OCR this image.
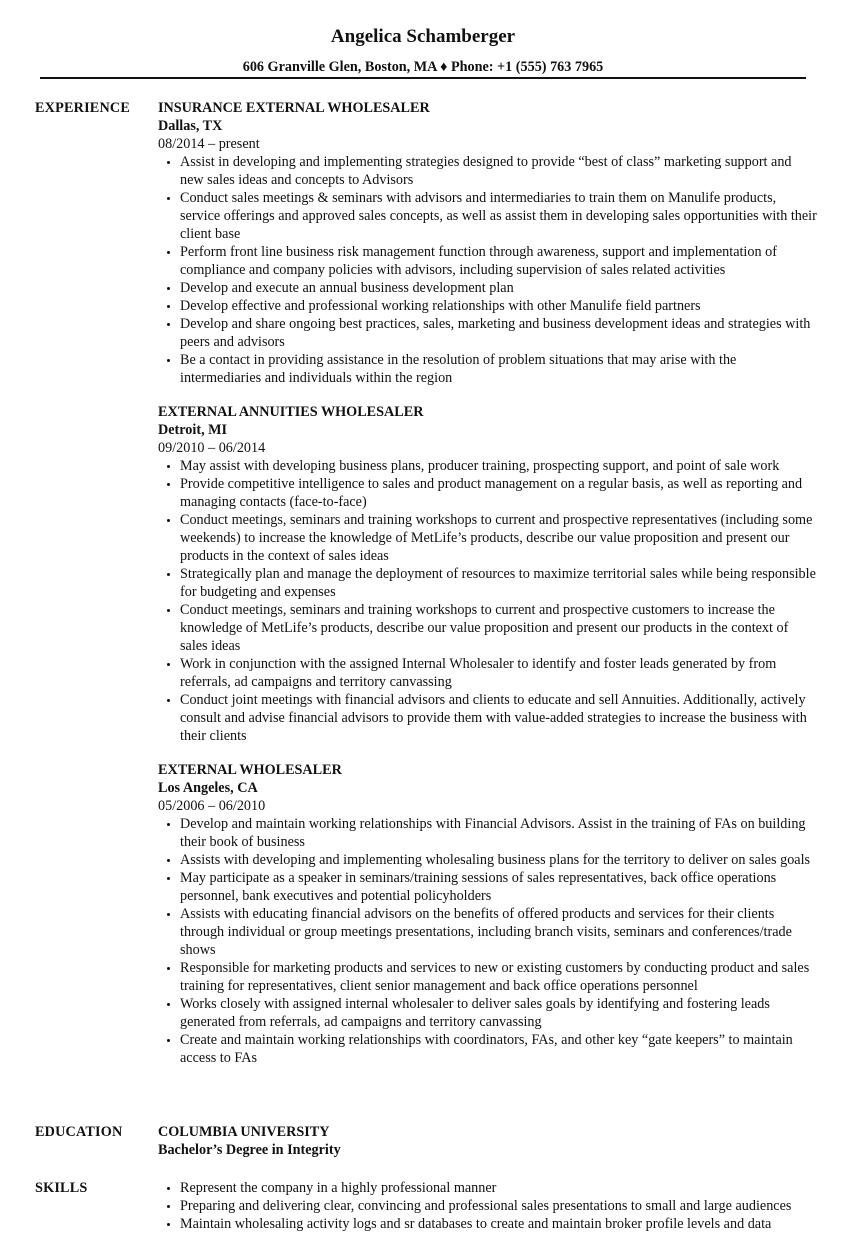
Angelica Schamberger
606 Granville Glen, Boston, MA ♦ Phone: +1 (555) 763 7965
EXPERIENCE INSURANCE EXTERNAL WHOLESALER
Dallas, TX
08/2014 – present
• Assist in developing and implementing strategies designed to provide “best of class” marketing support and new sales ideas and concepts to Advisors
• Conduct sales meetings & seminars with advisors and intermediaries to train them on Manulife products, service offerings and approved sales concepts, as well as assist them in developing sales opportunities with their client base
• Perform front line business risk management function through awareness, support and implementation of compliance and company policies with advisors, including supervision of sales related activities
• Develop and execute an annual business development plan
• Develop effective and professional working relationships with other Manulife field partners
• Develop and share ongoing best practices, sales, marketing and business development ideas and strategies with peers and advisors
• Be a contact in providing assistance in the resolution of problem situations that may arise with the intermediaries and individuals within the region
EXTERNAL ANNUITIES WHOLESALER
Detroit, MI
09/2010 – 06/2014
• May assist with developing business plans, producer training, prospecting support, and point of sale work
• Provide competitive intelligence to sales and product management on a regular basis, as well as reporting and managing contacts (face-to-face)
• Conduct meetings, seminars and training workshops to current and prospective representatives (including some weekends) to increase the knowledge of MetLife’s products, describe our value proposition and present our products in the context of sales ideas
• Strategically plan and manage the deployment of resources to maximize territorial sales while being responsible for budgeting and expenses
• Conduct meetings, seminars and training workshops to current and prospective customers to increase the knowledge of MetLife’s products, describe our value proposition and present our products in the context of sales ideas
• Work in conjunction with the assigned Internal Wholesaler to identify and foster leads generated by from referrals, ad campaigns and territory canvassing
• Conduct joint meetings with financial advisors and clients to educate and sell Annuities. Additionally, actively consult and advise financial advisors to provide them with value-added strategies to increase the business with their clients
EXTERNAL WHOLESALER
Los Angeles, CA
05/2006 – 06/2010
• Develop and maintain working relationships with Financial Advisors. Assist in the training of FAs on building their book of business
• Assists with developing and implementing wholesaling business plans for the territory to deliver on sales goals
• May participate as a speaker in seminars/training sessions of sales representatives, back office operations personnel, bank executives and potential policyholders
• Assists with educating financial advisors on the benefits of offered products and services for their clients through individual or group meetings presentations, including branch visits, seminars and conferences/trade shows
• Responsible for marketing products and services to new or existing customers by conducting product and sales training for representatives, client senior management and back office operations personnel
• Works closely with assigned internal wholesaler to deliver sales goals by identifying and fostering leads generated from referrals, ad campaigns and territory canvassing
• Create and maintain working relationships with coordinators, FAs, and other key “gate keepers” to maintain access to FAs
EDUCATION	COLUMBIA UNIVERSITY
Bachelor’s Degree in Integrity
SKILLS
•	Represent the company in a highly professional manner
• Preparing and delivering clear, convincing and professional sales presentations to small and large audiences
• Maintain wholesaling activity logs and sr databases to create and maintain broker profile levels and data
